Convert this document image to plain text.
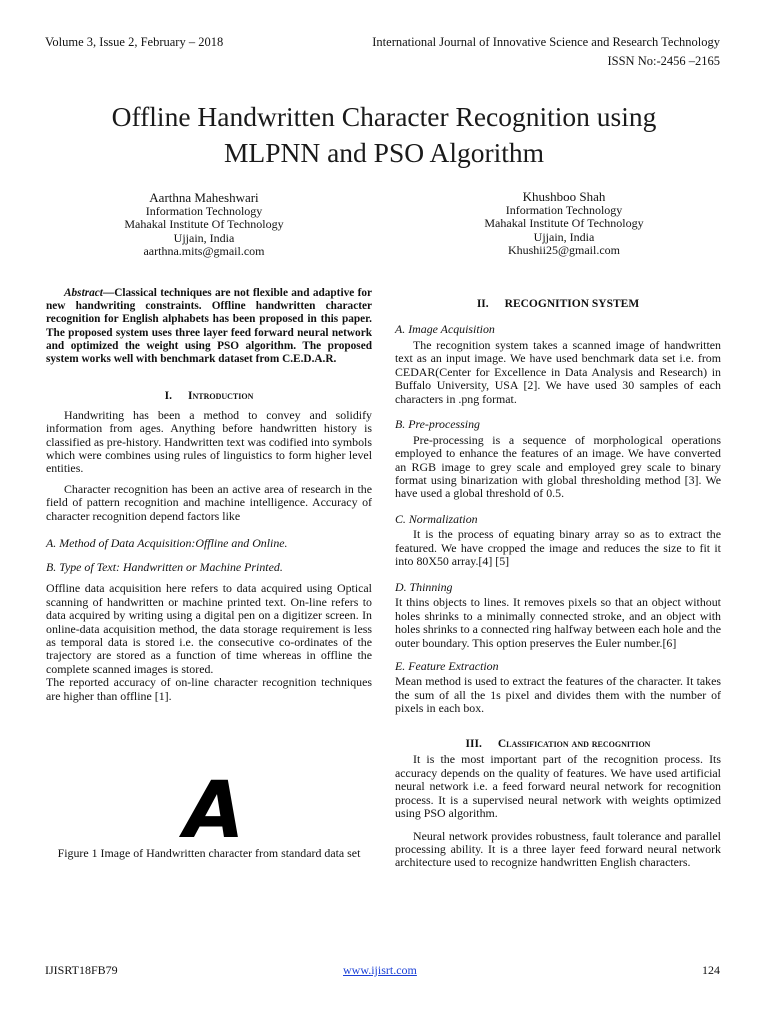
Volume 3, Issue 2, February – 2018	International Journal of Innovative Science and Research Technology
ISSN No:-2456 –2165
Offline Handwritten Character Recognition using
MLPNN and PSO Algorithm
Aarthna Maheshwari
Information Technology
Mahakal Institute Of Technology
Ujjain, India
aarthna.mits@gmail.com
Khushboo Shah
Information Technology
Mahakal Institute Of Technology
Ujjain, India
Khushii25@gmail.com

Abstract—Classical techniques are not flexible and adaptive for new handwriting constraints. Offline handwritten character recognition for English alphabets has been proposed in this paper. The proposed system uses three layer feed forward neural network and optimized the weight using PSO algorithm. The proposed system works well with benchmark dataset from C.E.D.A.R.

I. Introduction

Handwriting has been a method to convey and solidify information from ages. Anything before handwritten history is classified as pre-history. Handwritten text was codified into symbols which were combines using rules of linguistics to form higher level entities.

Character recognition has been an active area of research in the field of pattern recognition and machine intelligence. Accuracy of character recognition depend factors like

A. Method of Data Acquisition:Offline and Online.

B. Type of Text: Handwritten or Machine Printed.

Offline data acquisition here refers to data acquired using Optical scanning of handwritten or machine printed text. On-line refers to data acquired by writing using a digital pen on a digitizer screen. In online-data acquisition method, the data storage requirement is less as temporal data is stored i.e. the consecutive co-ordinates of the trajectory are stored as a function of time whereas in offline the complete scanned images is stored.

The reported accuracy of on-line character recognition techniques are higher than offline [1].

A
Figure 1 Image of Handwritten character from standard data set
II. RECOGNITION SYSTEM

A. Image Acquisition

The recognition system takes a scanned image of handwritten text as an input image. We have used benchmark data set i.e. from CEDAR(Center for Excellence in Data Analysis and Research) in Buffalo University, USA [2]. We have used 30 samples of each characters in .png format.

B. Pre-processing

Pre-processing is a sequence of morphological operations employed to enhance the features of an image. We have converted an RGB image to grey scale and employed grey scale to binary format using binarization with global thresholding method [3]. We have used a global threshold of 0.5.

C. Normalization

It is the process of equating binary array so as to extract the featured. We have cropped the image and reduces the size to fit it into 80X50 array.[4] [5]

D. Thinning

It thins objects to lines. It removes pixels so that an object without holes shrinks to a minimally connected stroke, and an object with holes shrinks to a connected ring halfway between each hole and the outer boundary. This option preserves the Euler number.[6]

E. Feature Extraction

Mean method is used to extract the features of the character. It takes the sum of all the 1s pixel and divides them with the number of pixels in each box.

III. Classification and recognition

It is the most important part of the recognition process. Its accuracy depends on the quality of features. We have used artificial neural network i.e. a feed forward neural network for recognition process. It is a supervised neural network with weights optimized using PSO algorithm.

Neural network provides robustness, fault tolerance and parallel processing ability. It is a three layer feed forward neural network architecture used to recognize handwritten English characters.

IJISRT18FB79	www.ijisrt.com	124
